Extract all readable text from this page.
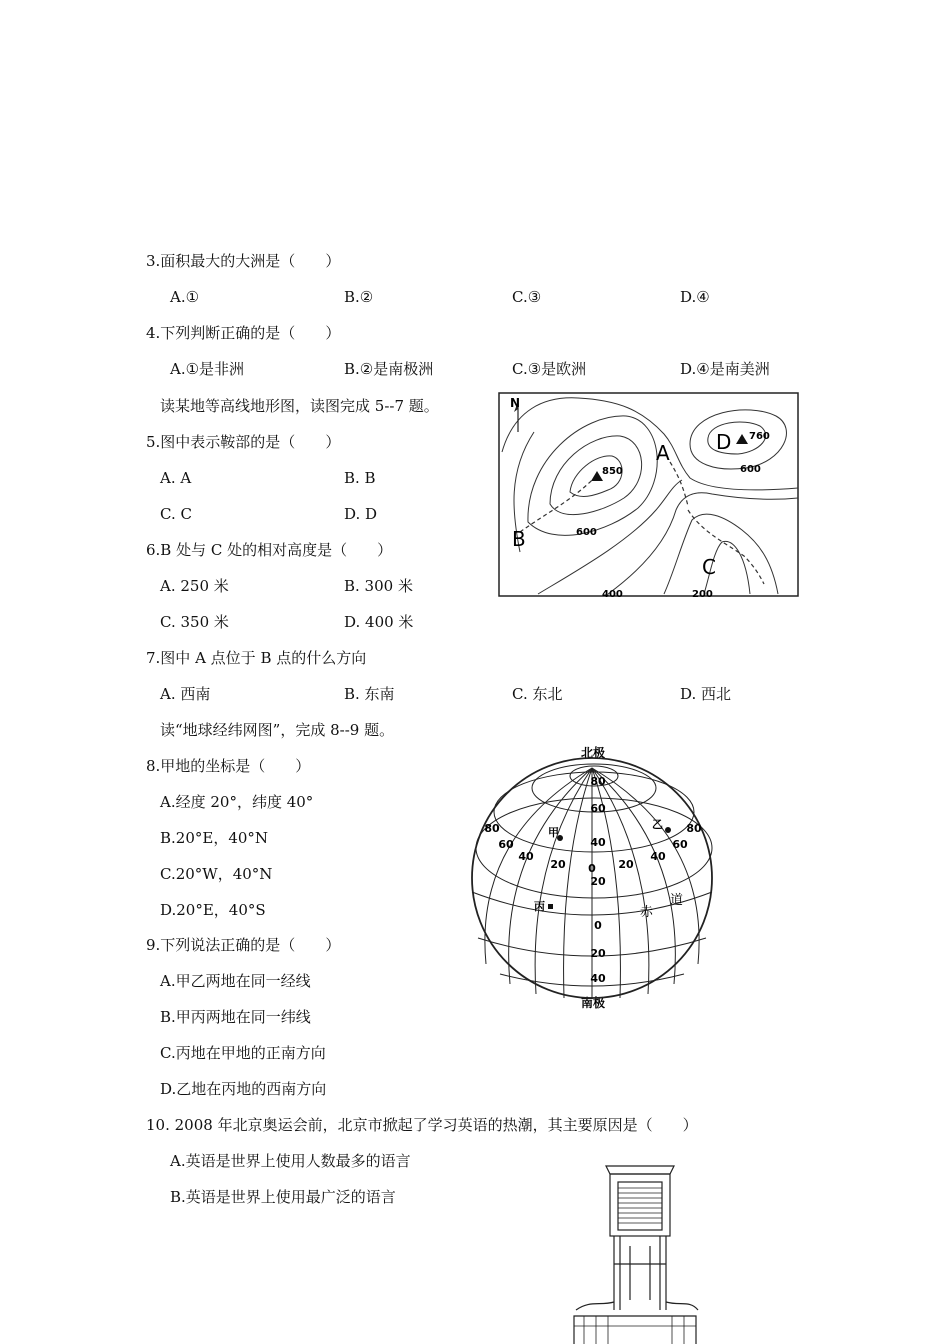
3.面积最大的大洲是（　　）
A.①	B.②	C.③	D.④
4.下列判断正确的是（　　）
A.①是非洲	B.②是南极洲	C.③是欧洲	D.④是南美洲
读某地等高线地形图，读图完成 5--7 题。
5.图中表示鞍部的是（　　）
A. A	B. B
C. C	D. D
6.B 处与 C 处的相对高度是（　　）
A. 250 米	B. 300 米
C. 350 米	D. 400 米
7.图中 A 点位于 B 点的什么方向
A. 西南	B. 东南	C. 东北	D. 西北
读“地球经纬网图”，完成 8--9 题。
8.甲地的坐标是（　　）
A.经度 20°，纬度 40°
B.20°E，40°N
C.20°W，40°N
D.20°E，40°S
9.下列说法正确的是（　　）
A.甲乙两地在同一经线
B.甲丙两地在同一纬线
C.丙地在甲地的正南方向
D.乙地在丙地的西南方向
10. 2008 年北京奥运会前，北京市掀起了学习英语的热潮，其主要原因是（　　）
A.英语是世界上使用人数最多的语言
B.英语是世界上使用最广泛的语言
N
850
760
600
600
400	200
A
B
C
D
北极
南极
80
60
40
20
0
20
40
80
60
40
20 0 20
40
60
80
甲
乙
丙	赤
道
